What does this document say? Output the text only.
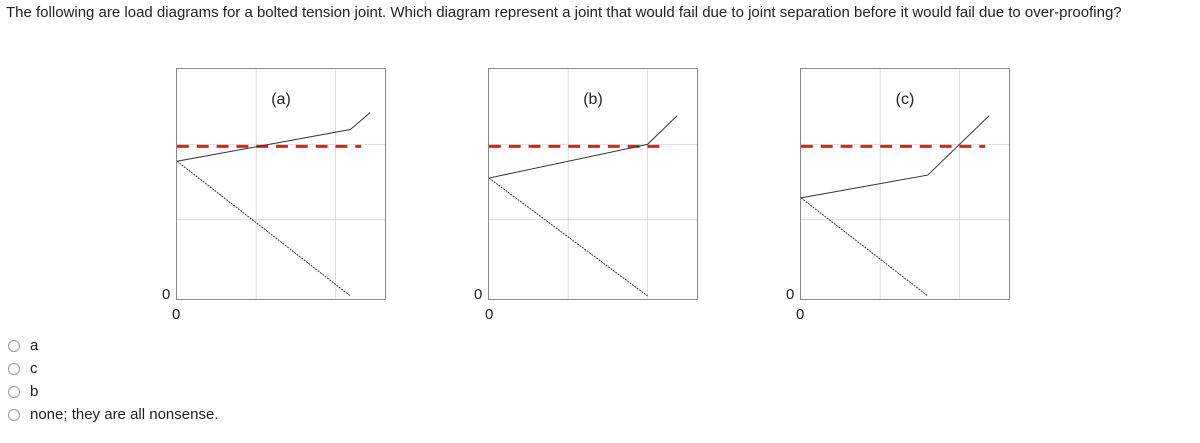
The following are load diagrams for a bolted tension joint. Which diagram represent a joint that would fail due to joint separation before it would fail due to over-proofing?

(a)
0
0
(b)
0
0
(c)
0
0
a
c
b
none; they are all nonsense.
